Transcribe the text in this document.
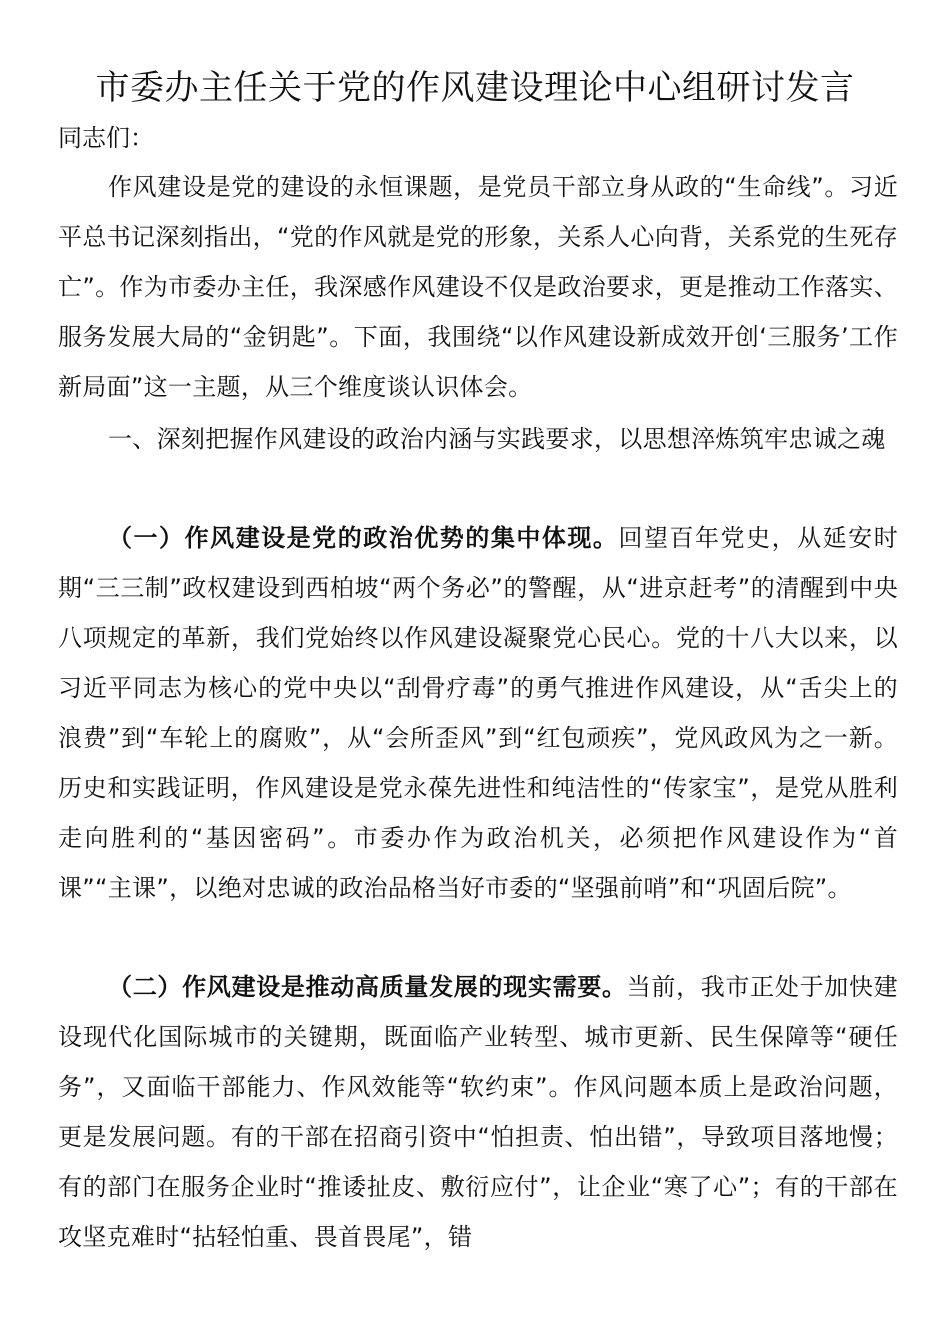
市委办主任关于党的作风建设理论中心组研讨发言

同志们：

作风建设是党的建设的永恒课题，是党员干部立身从政的“生命线”。习近平总书记深刻指出，“党的作风就是党的形象，关系人心向背，关系党的生死存亡”。作为市委办主任，我深感作风建设不仅是政治要求，更是推动工作落实、服务发展大局的“金钥匙”。下面，我围绕“以作风建设新成效开创‘三服务’工作新局面”这一主题，从三个维度谈认识体会。

一、深刻把握作风建设的政治内涵与实践要求，以思想淬炼筑牢忠诚之魂

（一）作风建设是党的政治优势的集中体现。回望百年党史，从延安时期“三三制”政权建设到西柏坡“两个务必”的警醒，从“进京赶考”的清醒到中央八项规定的革新，我们党始终以作风建设凝聚党心民心。党的十八大以来，以习近平同志为核心的党中央以“刮骨疗毒”的勇气推进作风建设，从“舌尖上的浪费”到“车轮上的腐败”，从“会所歪风”到“红包顽疾”，党风政风为之一新。历史和实践证明，作风建设是党永葆先进性和纯洁性的“传家宝”，是党从胜利走向胜利的“基因密码”。市委办作为政治机关，必须把作风建设作为“首课”“主课”，以绝对忠诚的政治品格当好市委的“坚强前哨”和“巩固后院”。

（二）作风建设是推动高质量发展的现实需要。当前，我市正处于加快建设现代化国际城市的关键期，既面临产业转型、城市更新、民生保障等“硬任务”，又面临干部能力、作风效能等“软约束”。作风问题本质上是政治问题，更是发展问题。有的干部在招商引资中“怕担责、怕出错”，导致项目落地慢；有的部门在服务企业时“推诿扯皮、敷衍应付”，让企业“寒了心”；有的干部在攻坚克难时“拈轻怕重、畏首畏尾”，错
